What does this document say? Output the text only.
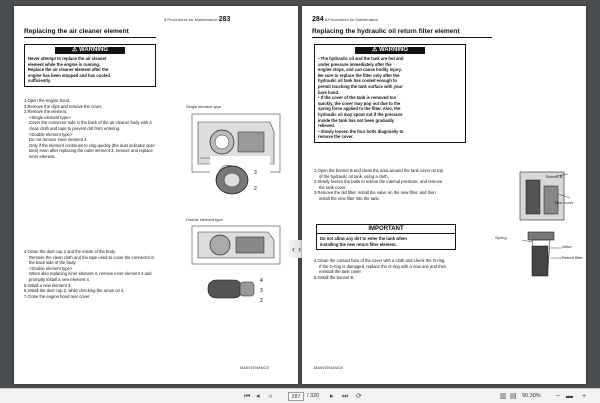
8.Procedures for Maintenance 283
Replacing the air cleaner element
⚠ WARNING

Never attempt to replace the air cleaner

element while the engine is running.

Replace the air cleaner element after the

engine has been stopped and has cooled

sufficiently.

1.Open the engine hood.

2.Remove the clips and remove the cover.

3.Remove the element.

<Single element type>

Cover the connector side in the back of the air cleaner body with a

clean cloth and tape to prevent dirt from entering.

<Double element type>

Do not remove inner element 4.

Only if the element continues to clog quickly (the dust indicator oper-

ates) even after replacing the outer element 3, remove and replace

inner element.

Single element type
3
2

4.Clean the dust cup 2 and the inside of the body.

Remove the clean cloth and the tape used to cover the connector in

the back side of the body.

<Double element type>

When also replacing inner element 4, remove inner element 4 and

promptly install a new element 4.

5.Install a new element 3.

6.Install the dust cup 2, while checking the arrow on it.

7.Close the engine hood rear cover.

Double element type
4
3
2
MAINTENANCE
‹ ›
284 8.Procedures for Maintenance
Replacing the hydraulic oil return filter element
⚠ WARNING

• The hydraulic oil and the tank are hot and

under pressure immediately after the

engine stops, and can cause bodily injury.

Be sure to replace the filter only after the

hydraulic oil tank has cooled enough to

permit touching the tank surface with your

bare hand.

• If the cover of the tank is removed too

quickly, the cover may pop out due to the

spring force applied to the filter. Also, the

hydraulic oil may spout out if the pressure

inside the tank has not been gradually

relieved.

• Slowly loosen the four bolts diagonally to

remove the cover.

1.Open the bonnet B and clean the area around the tank cover on top

of the hydraulic oil tank, using a cloth.

2.Slowly loosen the bolts to relieve the internal pressure, and remove

the tank cover.

3.Remove the old filter, install the valve on the new filter, and then

install the new filter into the tank.

IMPORTANT

Do not allow any dirt to enter the tank when

installing the new return filter element.

4.Clean the contact face of the cover with a cloth and check the O-ring.

If the O-ring is damaged, replace the O-ring with a new one and then

reinstall the tank cover.

5.Install the bonnet B.

Bonnet B
Tank cover
Spring
Valve
Return filter
MAINTENANCE
⏮ ◂ ◃	287	/ 320 ▸ ⏭ ⟳	▥ ▤ 90.30% − ▬ +
